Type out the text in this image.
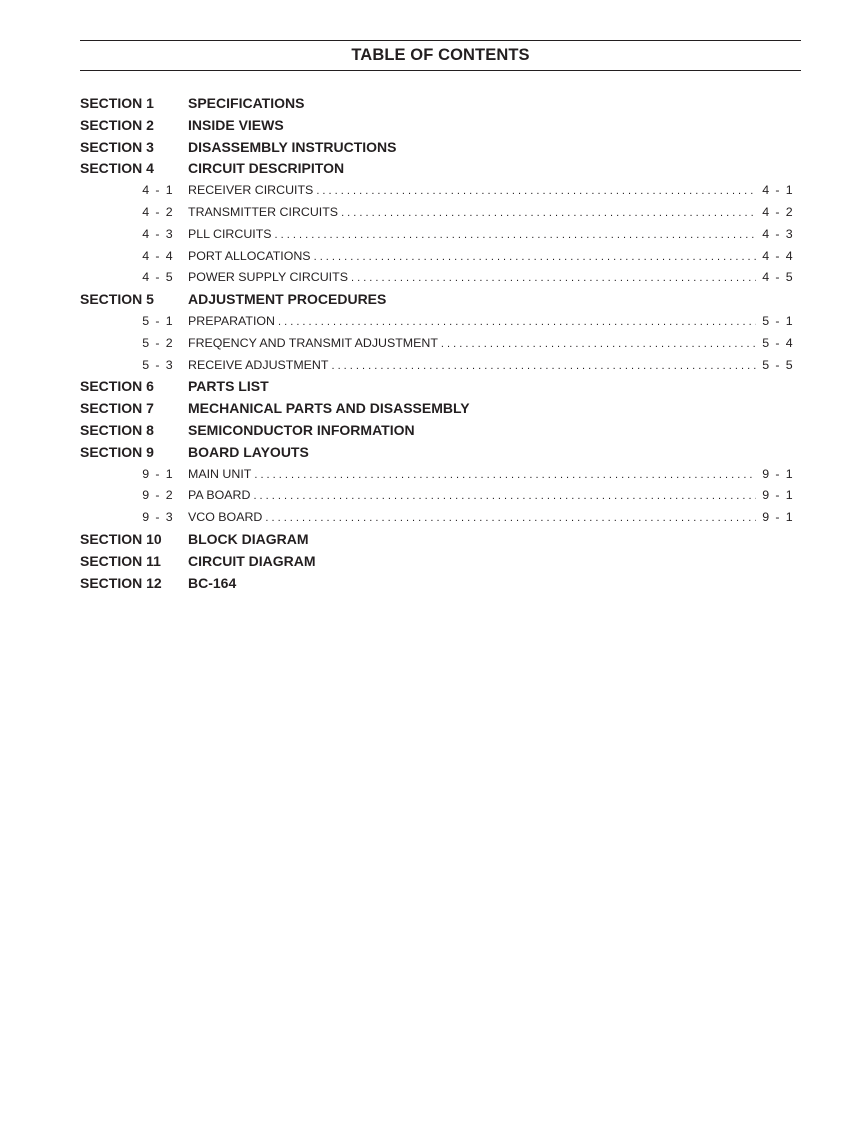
TABLE OF CONTENTS
SECTION 1 SPECIFICATIONS
SECTION 2 INSIDE VIEWS
SECTION 3 DISASSEMBLY INSTRUCTIONS
SECTION 4 CIRCUIT DESCRIPITON
4 - 1 RECEIVER CIRCUITS . . .	4 - 1
4 - 2 TRANSMITTER CIRCUITS . . .	4 - 2
4 - 3 PLL CIRCUITS . . .	4 - 3
4 - 4 PORT ALLOCATIONS . . .	4 - 4
4 - 5 POWER SUPPLY CIRCUITS . . .	4 - 5
SECTION 5 ADJUSTMENT PROCEDURES
5 - 1 PREPARATION . . .	5 - 1
5 - 2 FREQENCY AND TRANSMIT ADJUSTMENT . . .	5 - 4
5 - 3 RECEIVE ADJUSTMENT . . .	5 - 5
SECTION 6 PARTS LIST
SECTION 7 MECHANICAL PARTS AND DISASSEMBLY
SECTION 8 SEMICONDUCTOR INFORMATION
SECTION 9 BOARD LAYOUTS
9 - 1 MAIN UNIT . . .	9 - 1
9 - 2 PA BOARD . . .	9 - 1
9 - 3 VCO BOARD . . .	9 - 1
SECTION 10 BLOCK DIAGRAM
SECTION 11 CIRCUIT DIAGRAM
SECTION 12 BC-164
